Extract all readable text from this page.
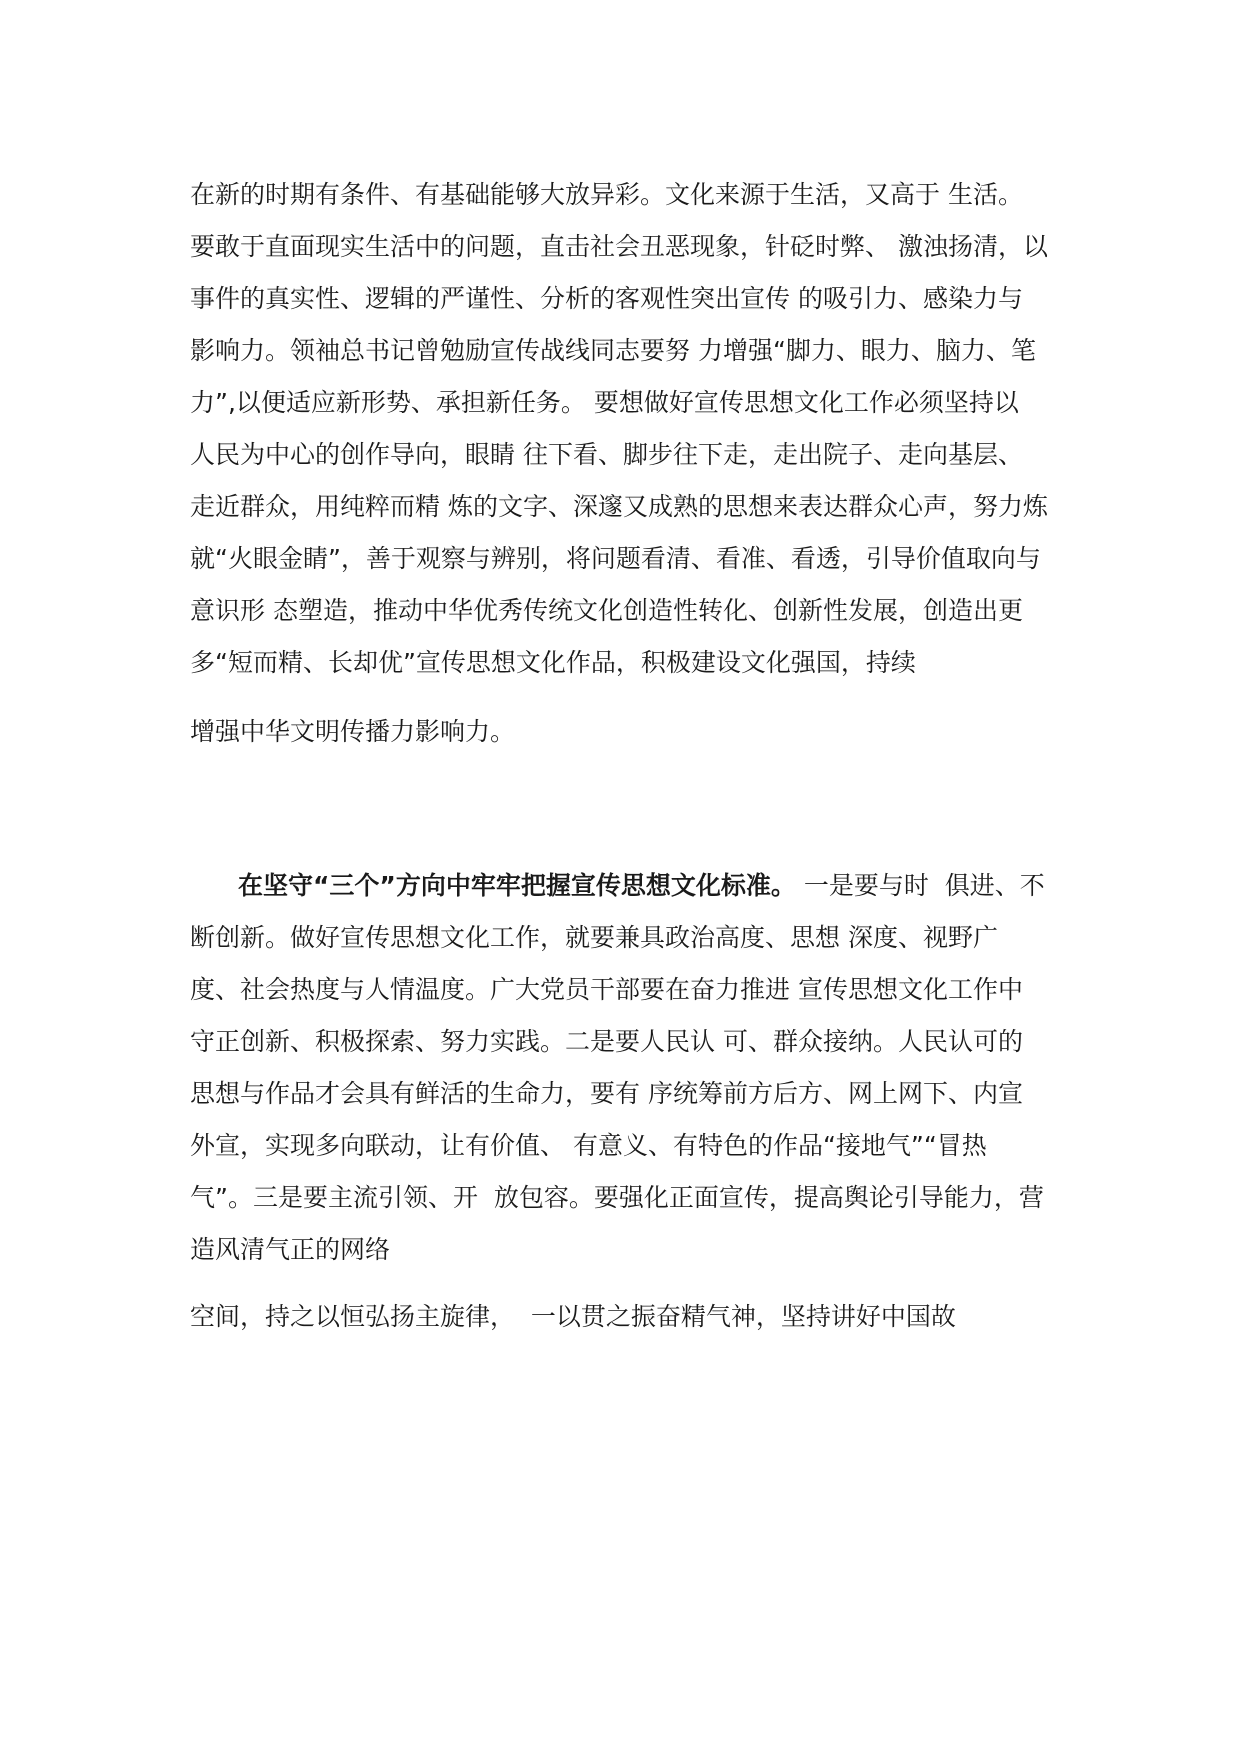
在新的时期有条件、有基础能够大放异彩。文化来源于生活，又高于 生活。
要敢于直面现实生活中的问题，直击社会丑恶现象，针砭时弊、 激浊扬清，以
事件的真实性、逻辑的严谨性、分析的客观性突出宣传 的吸引力、感染力与
影响力。领袖总书记曾勉励宣传战线同志要努 力增强“脚力、眼力、脑力、笔
力”,以便适应新形势、承担新任务。 要想做好宣传思想文化工作必须坚持以
人民为中心的创作导向，眼睛 往下看、脚步往下走，走出院子、走向基层、
走近群众，用纯粹而精 炼的文字、深邃又成熟的思想来表达群众心声，努力炼
就“火眼金睛”，善于观察与辨别，将问题看清、看准、看透，引导价值取向与
意识形 态塑造，推动中华优秀传统文化创造性转化、创新性发展，创造出更
多“短而精、长却优”宣传思想文化作品，积极建设文化强国，持续
增强中华文明传播力影响力。
在坚守“三个”方向中牢牢把握宣传思想文化标准。 一是要与时  俱进、不
断创新。做好宣传思想文化工作，就要兼具政治高度、思想 深度、视野广
度、社会热度与人情温度。广大党员干部要在奋力推进 宣传思想文化工作中
守正创新、积极探索、努力实践。二是要人民认 可、群众接纳。人民认可的
思想与作品才会具有鲜活的生命力，要有 序统筹前方后方、网上网下、内宣
外宣，实现多向联动，让有价值、 有意义、有特色的作品“接地气”“冒热
气”。三是要主流引领、开  放包容。要强化正面宣传，提高舆论引导能力，营
造风清气正的网络
空间，持之以恒弘扬主旋律，  一以贯之振奋精气神，坚持讲好中国故
